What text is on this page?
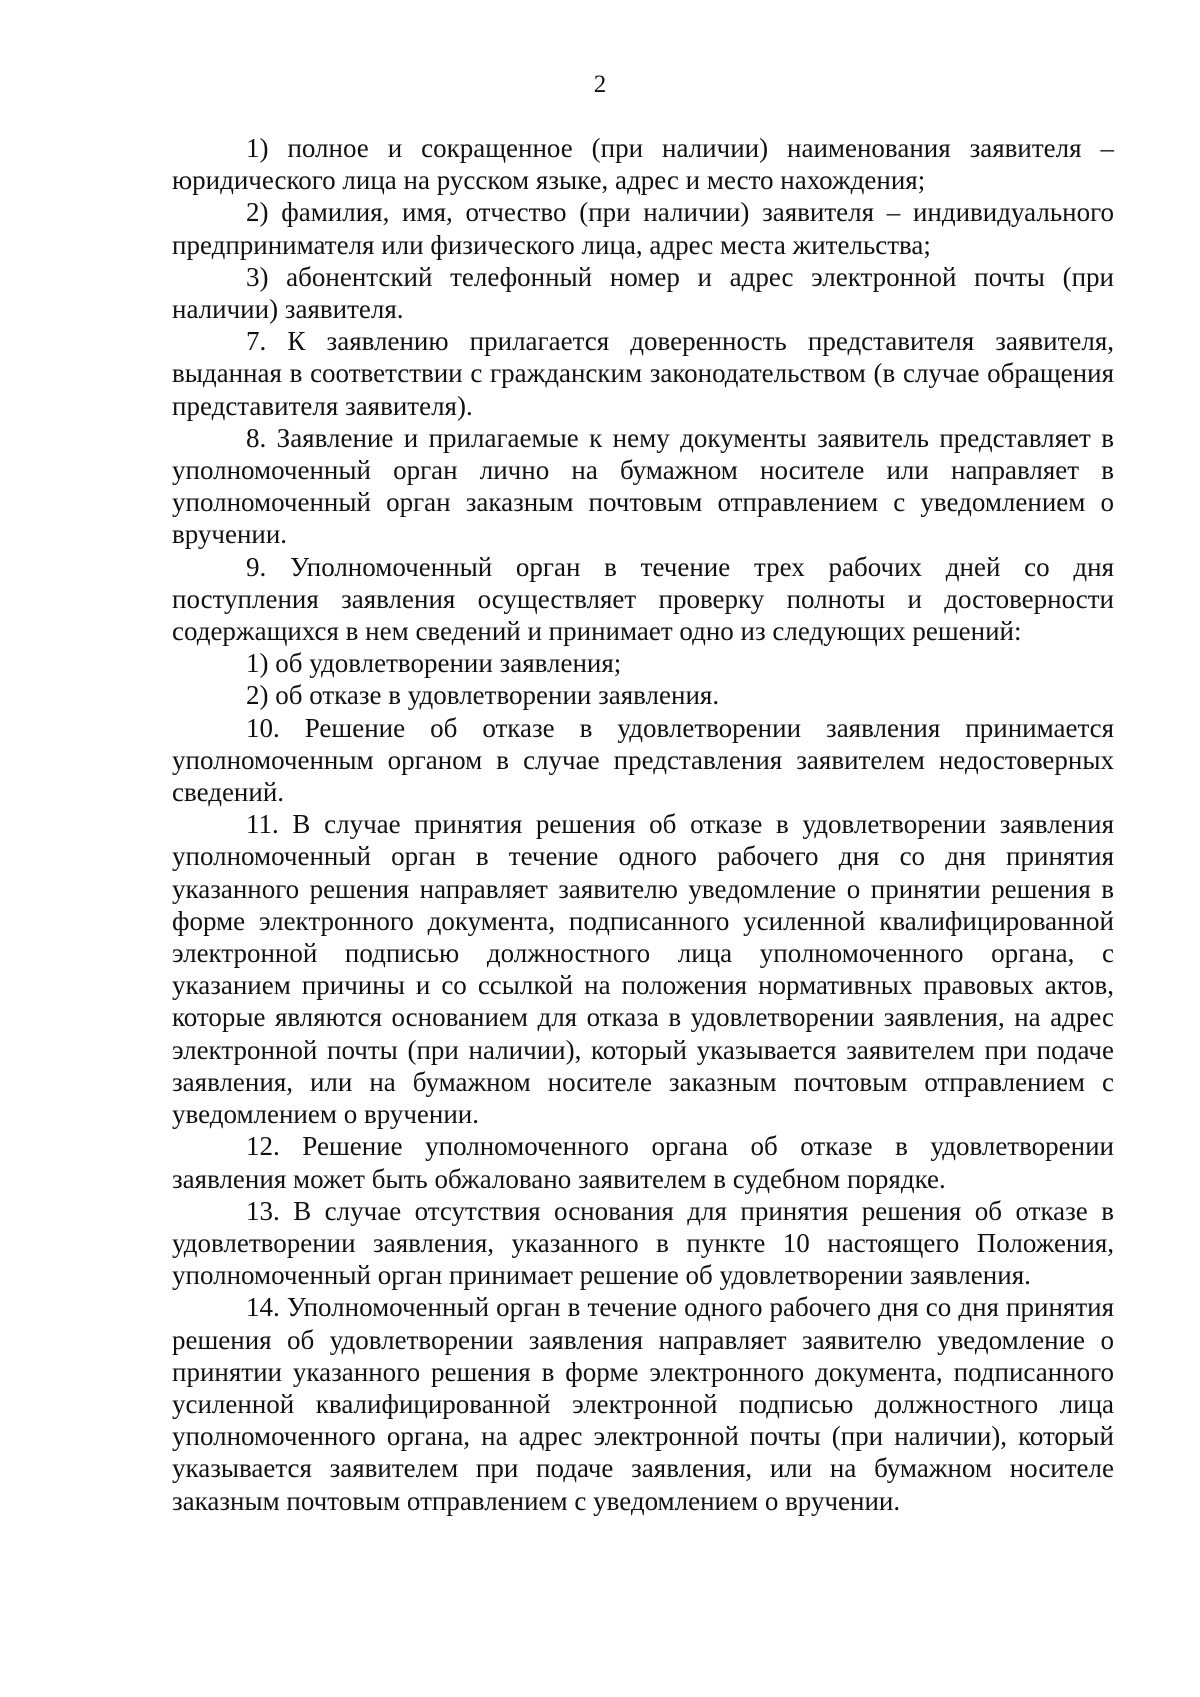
2

1) полное и сокращенное (при наличии) наименования заявителя – юридического лица на русском языке, адрес и место нахождения;

2) фамилия, имя, отчество (при наличии) заявителя – индивидуального предпринимателя или физического лица, адрес места жительства;

3) абонентский телефонный номер и адрес электронной почты (при наличии) заявителя.

7. К заявлению прилагается доверенность представителя заявителя, выданная в соответствии с гражданским законодательством (в случае обращения представителя заявителя).

8. Заявление и прилагаемые к нему документы заявитель представляет в уполномоченный орган лично на бумажном носителе или направляет в уполномоченный орган заказным почтовым отправлением с уведомлением о вручении.

9. Уполномоченный орган в течение трех рабочих дней со дня поступления заявления осуществляет проверку полноты и достоверности содержащихся в нем сведений и принимает одно из следующих решений:

1) об удовлетворении заявления;

2) об отказе в удовлетворении заявления.

10. Решение об отказе в удовлетворении заявления принимается уполномоченным органом в случае представления заявителем недостоверных сведений.

11. В случае принятия решения об отказе в удовлетворении заявления уполномоченный орган в течение одного рабочего дня со дня принятия указанного решения направляет заявителю уведомление о принятии решения в форме электронного документа, подписанного усиленной квалифицированной электронной подписью должностного лица уполномоченного органа, с указанием причины и со ссылкой на положения нормативных правовых актов, которые являются основанием для отказа в удовлетворении заявления, на адрес электронной почты (при наличии), который указывается заявителем при подаче заявления, или на бумажном носителе заказным почтовым отправлением с уведомлением о вручении.

12. Решение уполномоченного органа об отказе в удовлетворении заявления может быть обжаловано заявителем в судебном порядке.

13. В случае отсутствия основания для принятия решения об отказе в удовлетворении заявления, указанного в пункте 10 настоящего Положения, уполномоченный орган принимает решение об удовлетворении заявления.

14. Уполномоченный орган в течение одного рабочего дня со дня принятия решения об удовлетворении заявления направляет заявителю уведомление о принятии указанного решения в форме электронного документа, подписанного усиленной квалифицированной электронной подписью должностного лица уполномоченного органа, на адрес электронной почты (при наличии), который указывается заявителем при подаче заявления, или на бумажном носителе заказным почтовым отправлением с уведомлением о вручении.
